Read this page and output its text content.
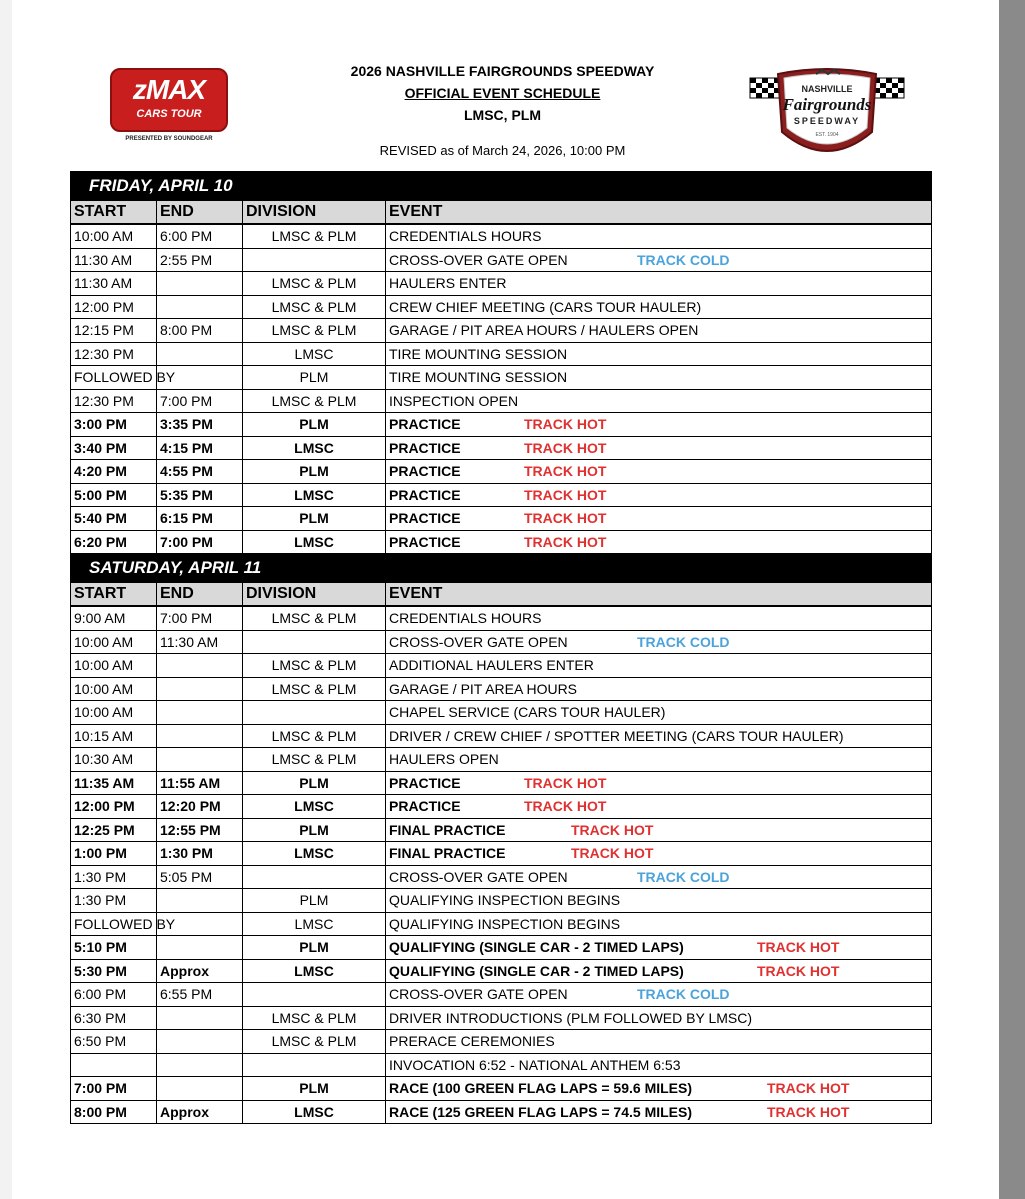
zMAX
CARS TOUR
PRESENTED BY SOUNDGEAR
NASHVILLE
Fairgrounds
SPEEDWAY
EST. 1904
2026 NASHVILLE FAIRGROUNDS SPEEDWAY
OFFICIAL EVENT SCHEDULE
LMSC, PLM
REVISED as of March 24, 2026, 10:00 PM
FRIDAY, APRIL 10			
START	END	DIVISION	EVENT
10:00 AM	6:00 PM	LMSC & PLM	CREDENTIALS HOURS
11:30 AM	2:55 PM		CROSS-OVER GATE OPEN TRACK COLD
11:30 AM		LMSC & PLM	HAULERS ENTER
12:00 PM		LMSC & PLM	CREW CHIEF MEETING (CARS TOUR HAULER)
12:15 PM	8:00 PM	LMSC & PLM	GARAGE / PIT AREA HOURS / HAULERS OPEN
12:30 PM		LMSC	TIRE MOUNTING SESSION
FOLLOWED BY		PLM	TIRE MOUNTING SESSION
12:30 PM	7:00 PM	LMSC & PLM	INSPECTION OPEN
3:00 PM	3:35 PM	PLM	PRACTICE TRACK HOT
3:40 PM	4:15 PM	LMSC	PRACTICE TRACK HOT
4:20 PM	4:55 PM	PLM	PRACTICE TRACK HOT
5:00 PM	5:35 PM	LMSC	PRACTICE TRACK HOT
5:40 PM	6:15 PM	PLM	PRACTICE TRACK HOT
6:20 PM	7:00 PM	LMSC	PRACTICE TRACK HOT
SATURDAY, APRIL 11			
START	END	DIVISION	EVENT
9:00 AM	7:00 PM	LMSC & PLM	CREDENTIALS HOURS
10:00 AM	11:30 AM		CROSS-OVER GATE OPEN TRACK COLD
10:00 AM		LMSC & PLM	ADDITIONAL HAULERS ENTER
10:00 AM		LMSC & PLM	GARAGE / PIT AREA HOURS
10:00 AM			CHAPEL SERVICE (CARS TOUR HAULER)
10:15 AM		LMSC & PLM	DRIVER / CREW CHIEF / SPOTTER MEETING (CARS TOUR HAULER)
10:30 AM		LMSC & PLM	HAULERS OPEN
11:35 AM	11:55 AM	PLM	PRACTICE TRACK HOT
12:00 PM	12:20 PM	LMSC	PRACTICE TRACK HOT
12:25 PM	12:55 PM	PLM	FINAL PRACTICE TRACK HOT
1:00 PM	1:30 PM	LMSC	FINAL PRACTICE TRACK HOT
1:30 PM	5:05 PM		CROSS-OVER GATE OPEN TRACK COLD
1:30 PM		PLM	QUALIFYING INSPECTION BEGINS
FOLLOWED BY		LMSC	QUALIFYING INSPECTION BEGINS
5:10 PM		PLM	QUALIFYING (SINGLE CAR - 2 TIMED LAPS) TRACK HOT
5:30 PM	Approx	LMSC	QUALIFYING (SINGLE CAR - 2 TIMED LAPS) TRACK HOT
6:00 PM	6:55 PM		CROSS-OVER GATE OPEN TRACK COLD
6:30 PM		LMSC & PLM	DRIVER INTRODUCTIONS (PLM FOLLOWED BY LMSC)
6:50 PM		LMSC & PLM	PRERACE CEREMONIES
			INVOCATION 6:52 - NATIONAL ANTHEM 6:53
7:00 PM		PLM	RACE (100 GREEN FLAG LAPS = 59.6 MILES) TRACK HOT
8:00 PM	Approx	LMSC	RACE (125 GREEN FLAG LAPS = 74.5 MILES) TRACK HOT
